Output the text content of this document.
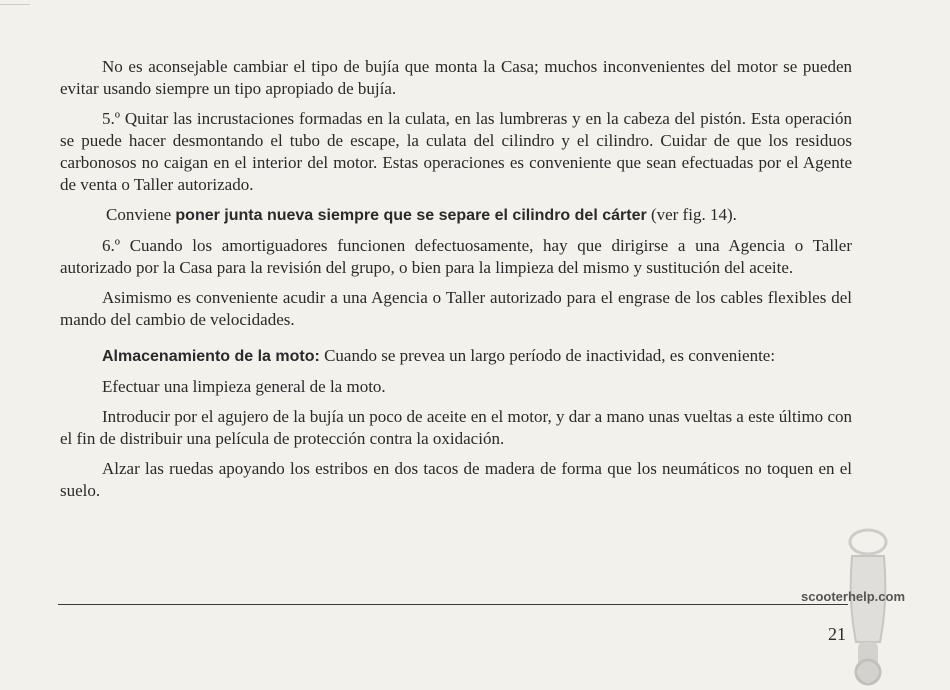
No es aconsejable cambiar el tipo de bujía que monta la Casa; muchos inconvenientes del motor se pueden evitar usando siempre un tipo apropiado de bujía.

5.º Quitar las incrustaciones formadas en la culata, en las lumbreras y en la cabeza del pistón. Esta operación se puede hacer desmontando el tubo de escape, la culata del cilindro y el cilindro. Cuidar de que los residuos carbonosos no caigan en el interior del motor. Estas operaciones es conveniente que sean efectuadas por el Agente de venta o Taller autorizado.

Conviene poner junta nueva siempre que se separe el cilindro del cárter (ver fig. 14).

6.º Cuando los amortiguadores funcionen defectuosamente, hay que dirigirse a una Agencia o Taller autorizado por la Casa para la revisión del grupo, o bien para la limpieza del mismo y sustitución del aceite.

Asimismo es conveniente acudir a una Agencia o Taller autorizado para el engrase de los cables flexibles del mando del cambio de velocidades.

Almacenamiento de la moto: Cuando se prevea un largo período de inactividad, es conveniente:

Efectuar una limpieza general de la moto.

Introducir por el agujero de la bujía un poco de aceite en el motor, y dar a mano unas vueltas a este último con el fin de distribuir una película de protección contra la oxidación.

Alzar las ruedas apoyando los estribos en dos tacos de madera de forma que los neumáticos no toquen en el suelo.

scooterhelp.com
21
